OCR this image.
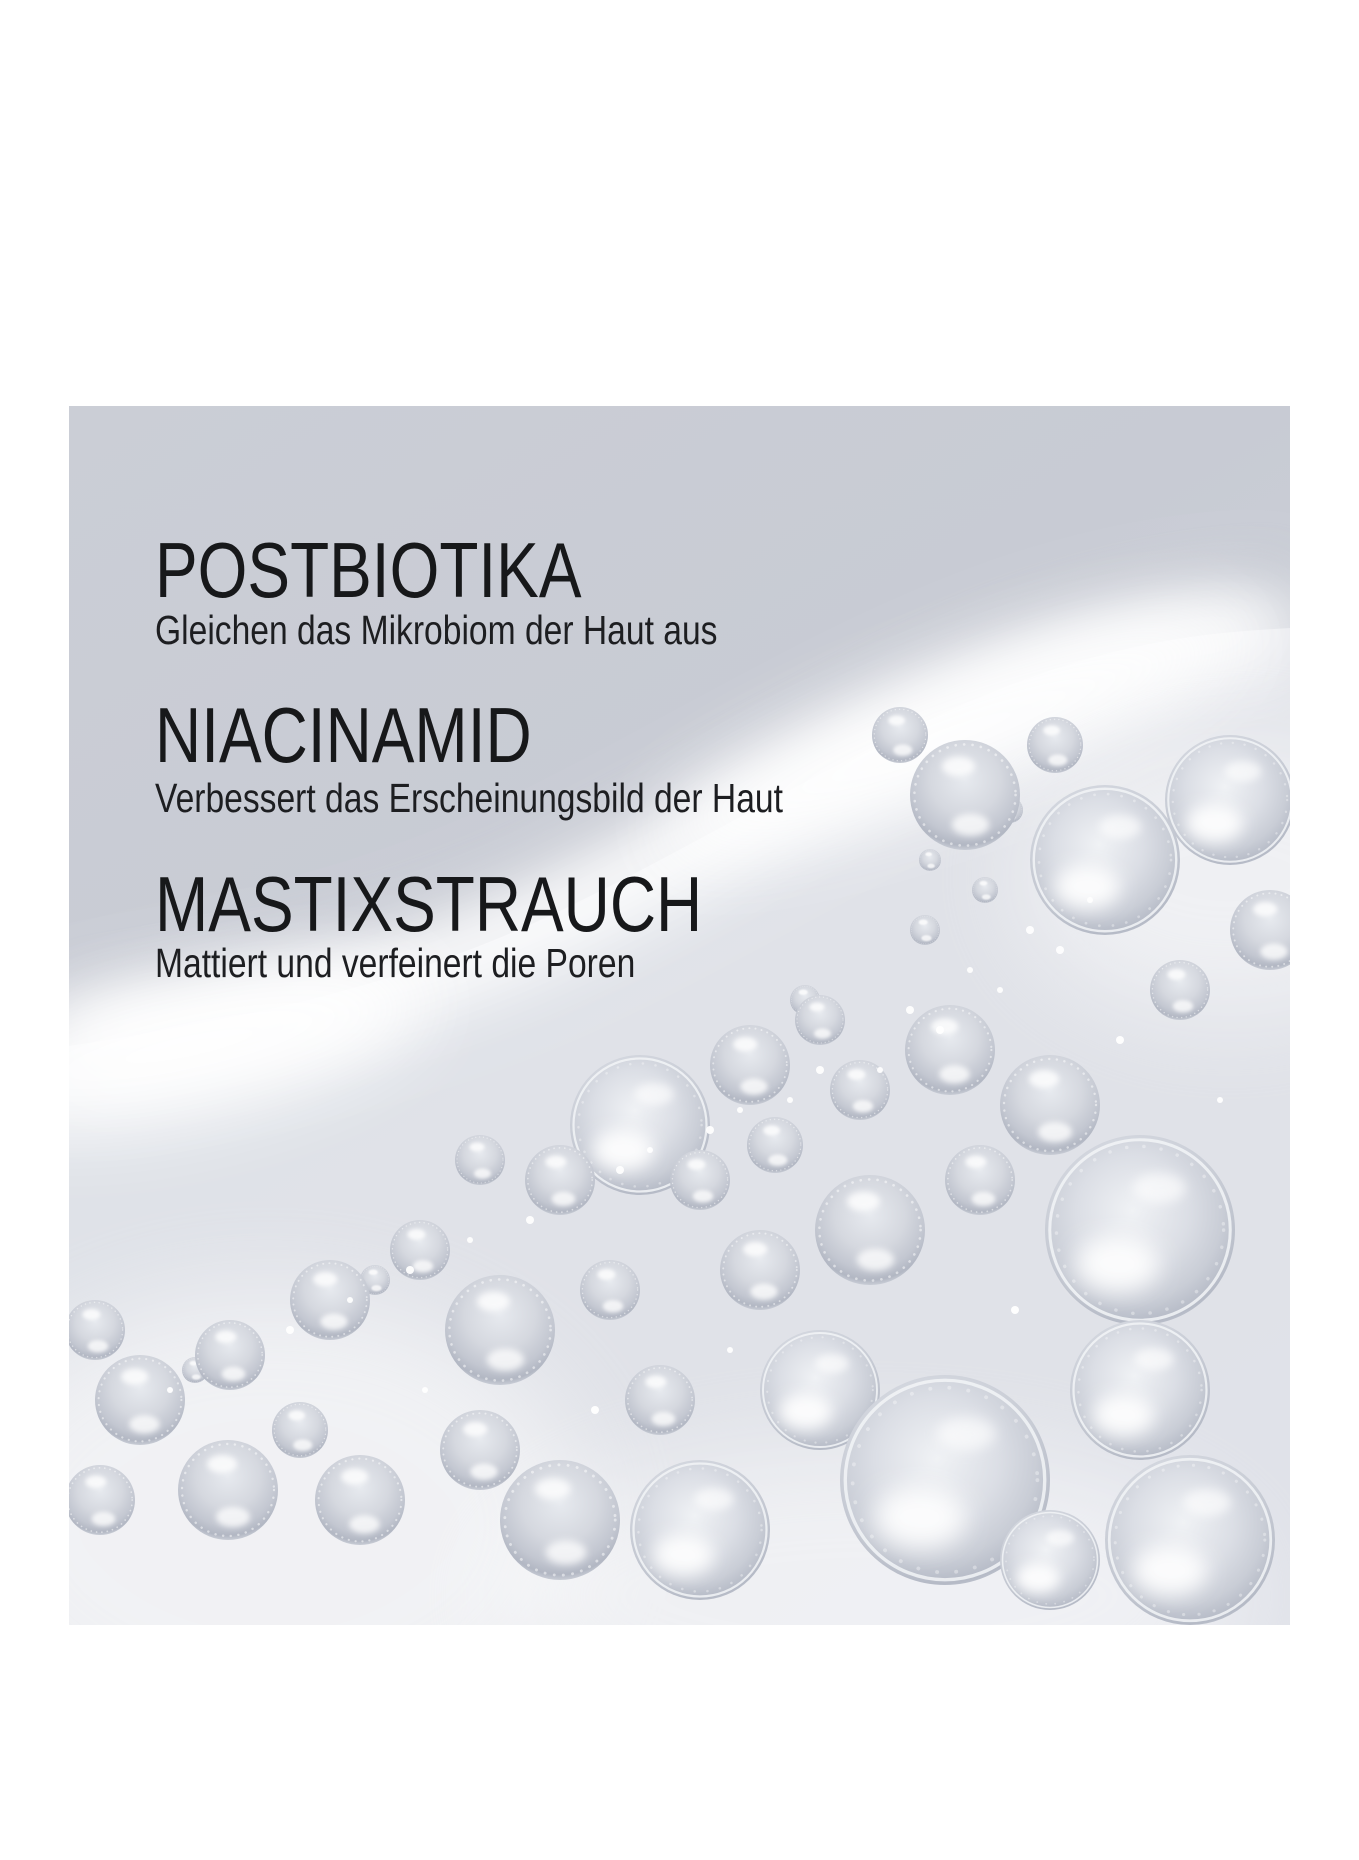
POSTBIOTIKA
Gleichen das Mikrobiom der Haut aus
NIACINAMID
Verbessert das Erscheinungsbild der Haut
MASTIXSTRAUCH
Mattiert und verfeinert die Poren
